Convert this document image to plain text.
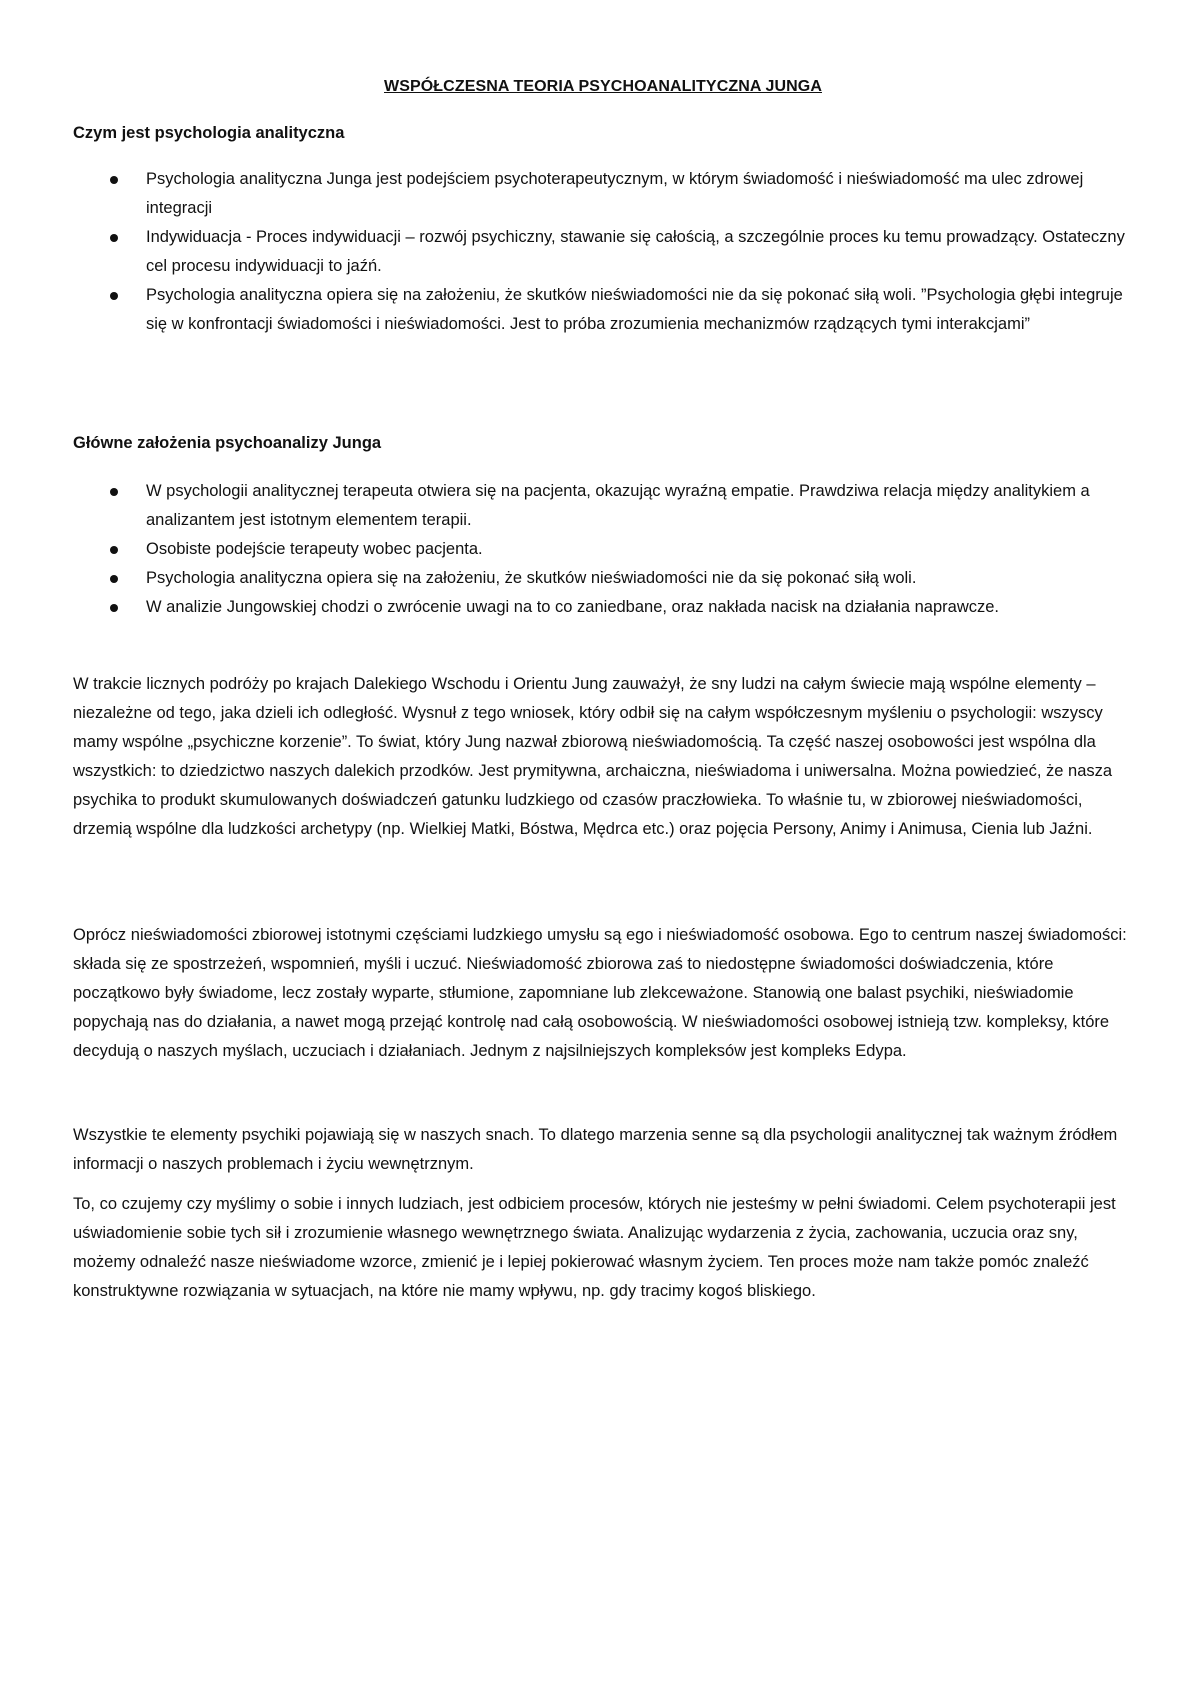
WSPÓŁCZESNA TEORIA PSYCHOANALITYCZNA JUNGA
Czym jest psychologia analityczna
Psychologia analityczna Junga jest podejściem psychoterapeutycznym, w którym świadomość i nieświadomość ma ulec zdrowej integracji
Indywiduacja - Proces indywiduacji – rozwój psychiczny, stawanie się całością, a szczególnie proces ku temu prowadzący. Ostateczny cel procesu indywiduacji to jaźń.
Psychologia analityczna opiera się na założeniu, że skutków nieświadomości nie da się pokonać siłą woli. ”Psychologia głębi integruje się w konfrontacji świadomości i nieświadomości. Jest to próba zrozumienia mechanizmów rządzących tymi interakcjami”
Główne założenia psychoanalizy Junga
W psychologii analitycznej terapeuta otwiera się na pacjenta, okazując wyraźną empatie. Prawdziwa relacja między analitykiem a analizantem jest istotnym elementem terapii.
Osobiste podejście terapeuty wobec pacjenta.
Psychologia analityczna opiera się na założeniu, że skutków nieświadomości nie da się pokonać siłą woli.
W analizie Jungowskiej chodzi o zwrócenie uwagi na to co zaniedbane, oraz nakłada nacisk na działania naprawcze.

W trakcie licznych podróży po krajach Dalekiego Wschodu i Orientu Jung zauważył, że sny ludzi na całym świecie mają wspólne elementy – niezależne od tego, jaka dzieli ich odległość. Wysnuł z tego wniosek, który odbił się na całym współczesnym myśleniu o psychologii: wszyscy mamy wspólne „psychiczne korzenie”. To świat, który Jung nazwał zbiorową nieświadomością. Ta część naszej osobowości jest wspólna dla wszystkich: to dziedzictwo naszych dalekich przodków. Jest prymitywna, archaiczna, nieświadoma i uniwersalna. Można powiedzieć, że nasza psychika to produkt skumulowanych doświadczeń gatunku ludzkiego od czasów praczłowieka. To właśnie tu, w zbiorowej nieświadomości, drzemią wspólne dla ludzkości archetypy (np. Wielkiej Matki, Bóstwa, Mędrca etc.) oraz pojęcia Persony, Animy i Animusa, Cienia lub Jaźni.

Oprócz nieświadomości zbiorowej istotnymi częściami ludzkiego umysłu są ego i nieświadomość osobowa. Ego to centrum naszej świadomości: składa się ze spostrzeżeń, wspomnień, myśli i uczuć. Nieświadomość zbiorowa zaś to niedostępne świadomości doświadczenia, które początkowo były świadome, lecz zostały wyparte, stłumione, zapomniane lub zlekceważone. Stanowią one balast psychiki, nieświadomie popychają nas do działania, a nawet mogą przejąć kontrolę nad całą osobowością. W nieświadomości osobowej istnieją tzw. kompleksy, które decydują o naszych myślach, uczuciach i działaniach. Jednym z najsilniejszych kompleksów jest kompleks Edypa.

Wszystkie te elementy psychiki pojawiają się w naszych snach. To dlatego marzenia senne są dla psychologii analitycznej tak ważnym źródłem informacji o naszych problemach i życiu wewnętrznym.

To, co czujemy czy myślimy o sobie i innych ludziach, jest odbiciem procesów, których nie jesteśmy w pełni świadomi. Celem psychoterapii jest uświadomienie sobie tych sił i zrozumienie własnego wewnętrznego świata. Analizując wydarzenia z życia, zachowania, uczucia oraz sny, możemy odnaleźć nasze nieświadome wzorce, zmienić je i lepiej pokierować własnym życiem. Ten proces może nam także pomóc znaleźć konstruktywne rozwiązania w sytuacjach, na które nie mamy wpływu, np. gdy tracimy kogoś bliskiego.
